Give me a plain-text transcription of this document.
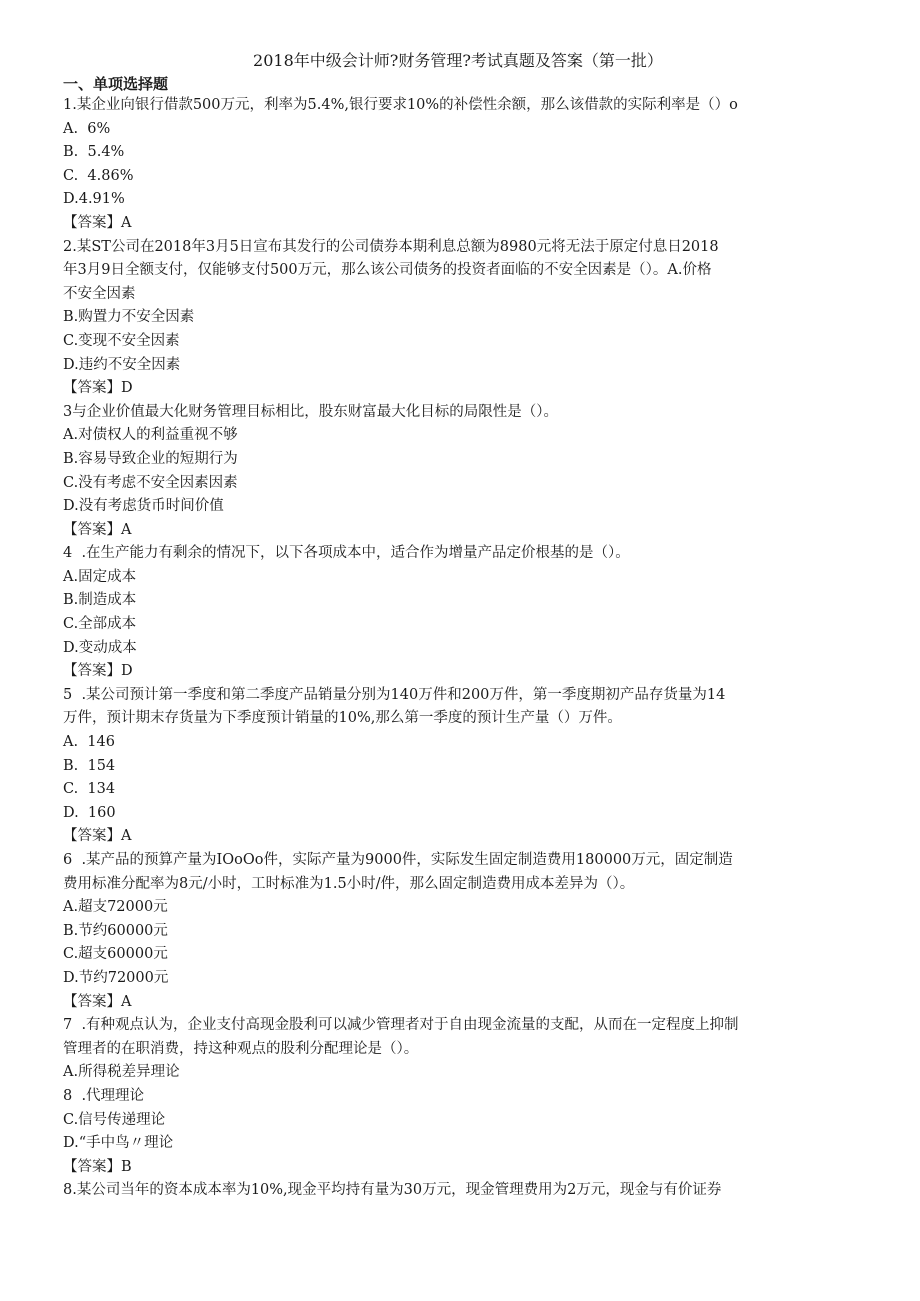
2018年中级会计师?财务管理?考试真题及答案（第一批）
一、单项选择题

1.某企业向银行借款500万元，利率为5.4%,银行要求10%的补偿性余额，那么该借款的实际利率是（）o

A.  6%

B.  5.4%

C.  4.86%

D.4.91%

【答案】A

2.某ST公司在2018年3月5日宣布其发行的公司债券本期利息总额为8980元将无法于原定付息日2018

年3月9日全额支付，仅能够支付500万元，那么该公司债务的投资者面临的不安全因素是（）。A.价格

不安全因素

B.购置力不安全因素

C.变现不安全因素

D.违约不安全因素

【答案】D

3与企业价值最大化财务管理目标相比，股东财富最大化目标的局限性是（）。

A.对债权人的利益重视不够

B.容易导致企业的短期行为

C.没有考虑不安全因素因素

D.没有考虑货币时间价值

【答案】A

4  .在生产能力有剩余的情况下，以下各项成本中，适合作为增量产品定价根基的是（）。

A.固定成本

B.制造成本

C.全部成本

D.变动成本

【答案】D

5  .某公司预计第一季度和第二季度产品销量分别为140万件和200万件，第一季度期初产品存货量为14

万件，预计期末存货量为下季度预计销量的10%,那么第一季度的预计生产量（）万件。

A.  146

B.  154

C.  134

D.  160

【答案】A

6  .某产品的预算产量为IOoOo件，实际产量为9000件，实际发生固定制造费用180000万元，固定制造

费用标准分配率为8元/小时，工时标准为1.5小时/件，那么固定制造费用成本差异为（）。

A.超支72000元

B.节约60000元

C.超支60000元

D.节约72000元

【答案】A

7  .有种观点认为，企业支付高现金股利可以减少管理者对于自由现金流量的支配，从而在一定程度上抑制

管理者的在职消费，持这种观点的股利分配理论是（）。

A.所得税差异理论

8  .代理理论

C.信号传递理论

D.“手中鸟〃理论

【答案】B

8.某公司当年的资本成本率为10%,现金平均持有量为30万元，现金管理费用为2万元，现金与有价证券
